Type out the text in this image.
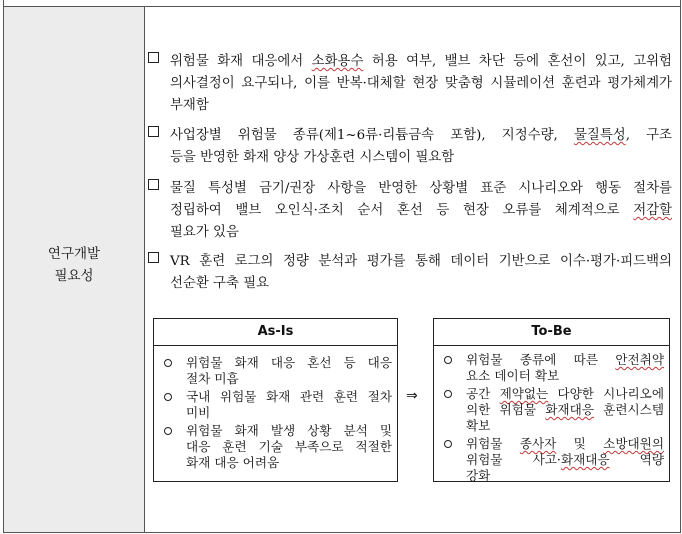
연구개발
필요성
위험물 화재 대응에서 소화용수 허용 여부, 밸브 차단 등에 혼선이 있고, 고위험
의사결정이 요구되나, 이를 반복·대체할 현장 맞춤형 시뮬레이션 훈련과 평가체계가
부재함
사업장별 위험물 종류(제1~6류·리튬금속 포함), 지정수량, 물질특성, 구조
등을 반영한 화재 양상 가상훈련 시스템이 필요함
물질 특성별 금기/권장 사항을 반영한 상황별 표준 시나리오와 행동 절차를
정립하여 밸브 오인식·조치 순서 혼선 등 현장 오류를 체계적으로 저감할
필요가 있음
VR 훈련 로그의 정량 분석과 평가를 통해 데이터 기반으로 이수·평가·피드백의
선순환 구축 필요
As-Is
위험물 화재 대응 혼선 등 대응
절차 미흡
국내 위험물 화재 관련 훈련 절차
미비
위험물 화재 발생 상황 분석 및
대응 훈련 기술 부족으로 적절한
화재 대응 어려움
⇒
To-Be
위험물 종류에 따른 안전취약
요소 데이터 확보
공간 제약없는 다양한 시나리오에
의한 위험물 화재대응 훈련시스템
확보
위험물 종사자 및 소방대원의
위험물 사고·화재대응 역량
강화
